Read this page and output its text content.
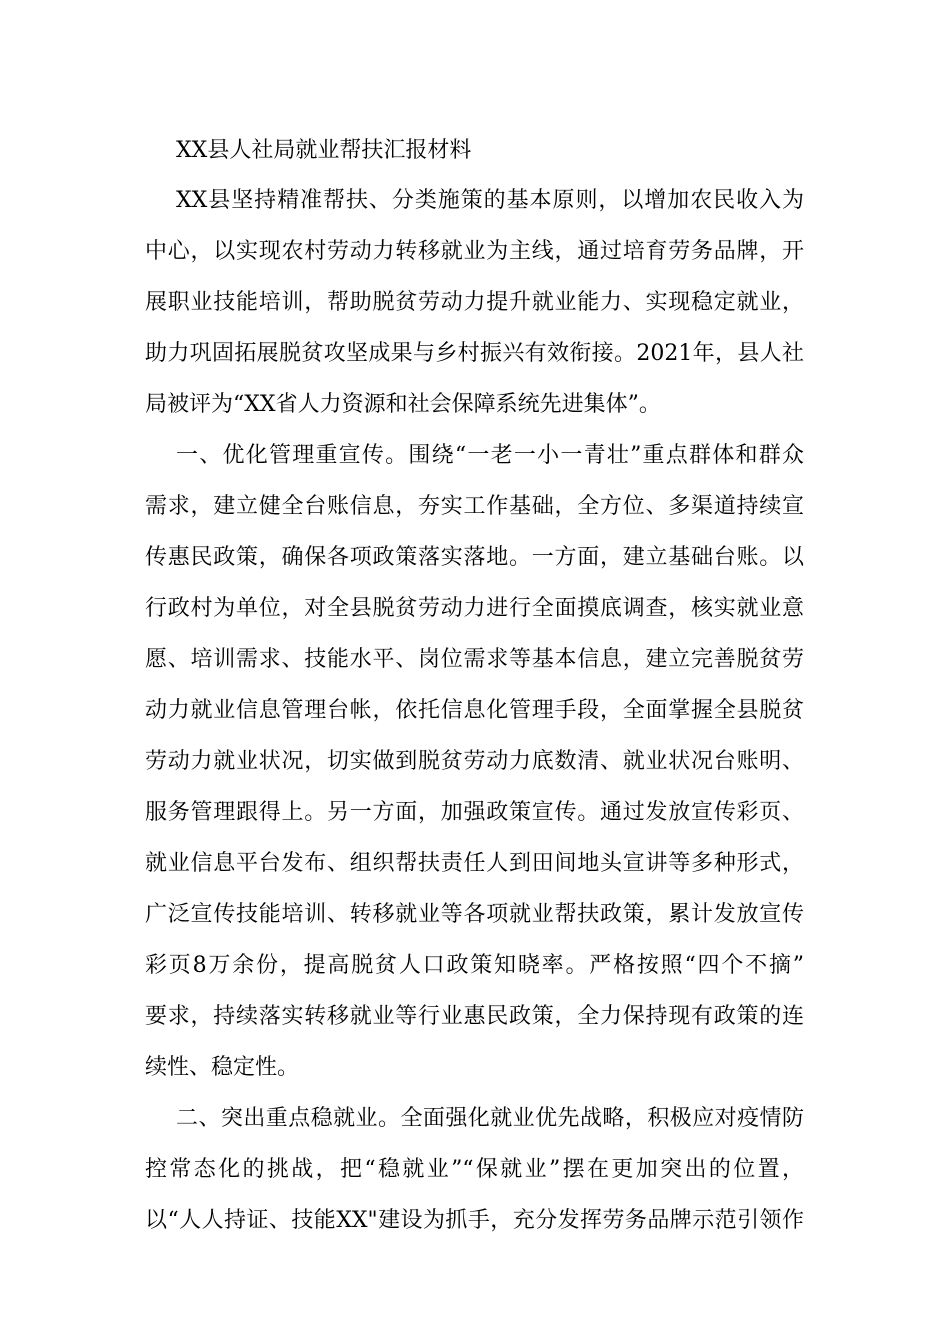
XX县人社局就业帮扶汇报材料
XX县坚持精准帮扶、分类施策的基本原则，以增加农民收入为
中心，以实现农村劳动力转移就业为主线，通过培育劳务品牌，开
展职业技能培训，帮助脱贫劳动力提升就业能力、实现稳定就业，
助力巩固拓展脱贫攻坚成果与乡村振兴有效衔接。2021年，县人社
局被评为“XX省人力资源和社会保障系统先进集体”。
一、优化管理重宣传。围绕“一老一小一青壮”重点群体和群众
需求，建立健全台账信息，夯实工作基础，全方位、多渠道持续宣
传惠民政策，确保各项政策落实落地。一方面，建立基础台账。以
行政村为单位，对全县脱贫劳动力进行全面摸底调查，核实就业意
愿、培训需求、技能水平、岗位需求等基本信息，建立完善脱贫劳
动力就业信息管理台帐，依托信息化管理手段，全面掌握全县脱贫
劳动力就业状况，切实做到脱贫劳动力底数清、就业状况台账明、
服务管理跟得上。另一方面，加强政策宣传。通过发放宣传彩页、
就业信息平台发布、组织帮扶责任人到田间地头宣讲等多种形式，
广泛宣传技能培训、转移就业等各项就业帮扶政策，累计发放宣传
彩页8万余份，提高脱贫人口政策知晓率。严格按照“四个不摘”
要求，持续落实转移就业等行业惠民政策，全力保持现有政策的连
续性、稳定性。
二、突出重点稳就业。全面强化就业优先战略，积极应对疫情防
控常态化的挑战，把“稳就业”“保就业”摆在更加突出的位置，
以“人人持证、技能XX"建设为抓手，充分发挥劳务品牌示范引领作
